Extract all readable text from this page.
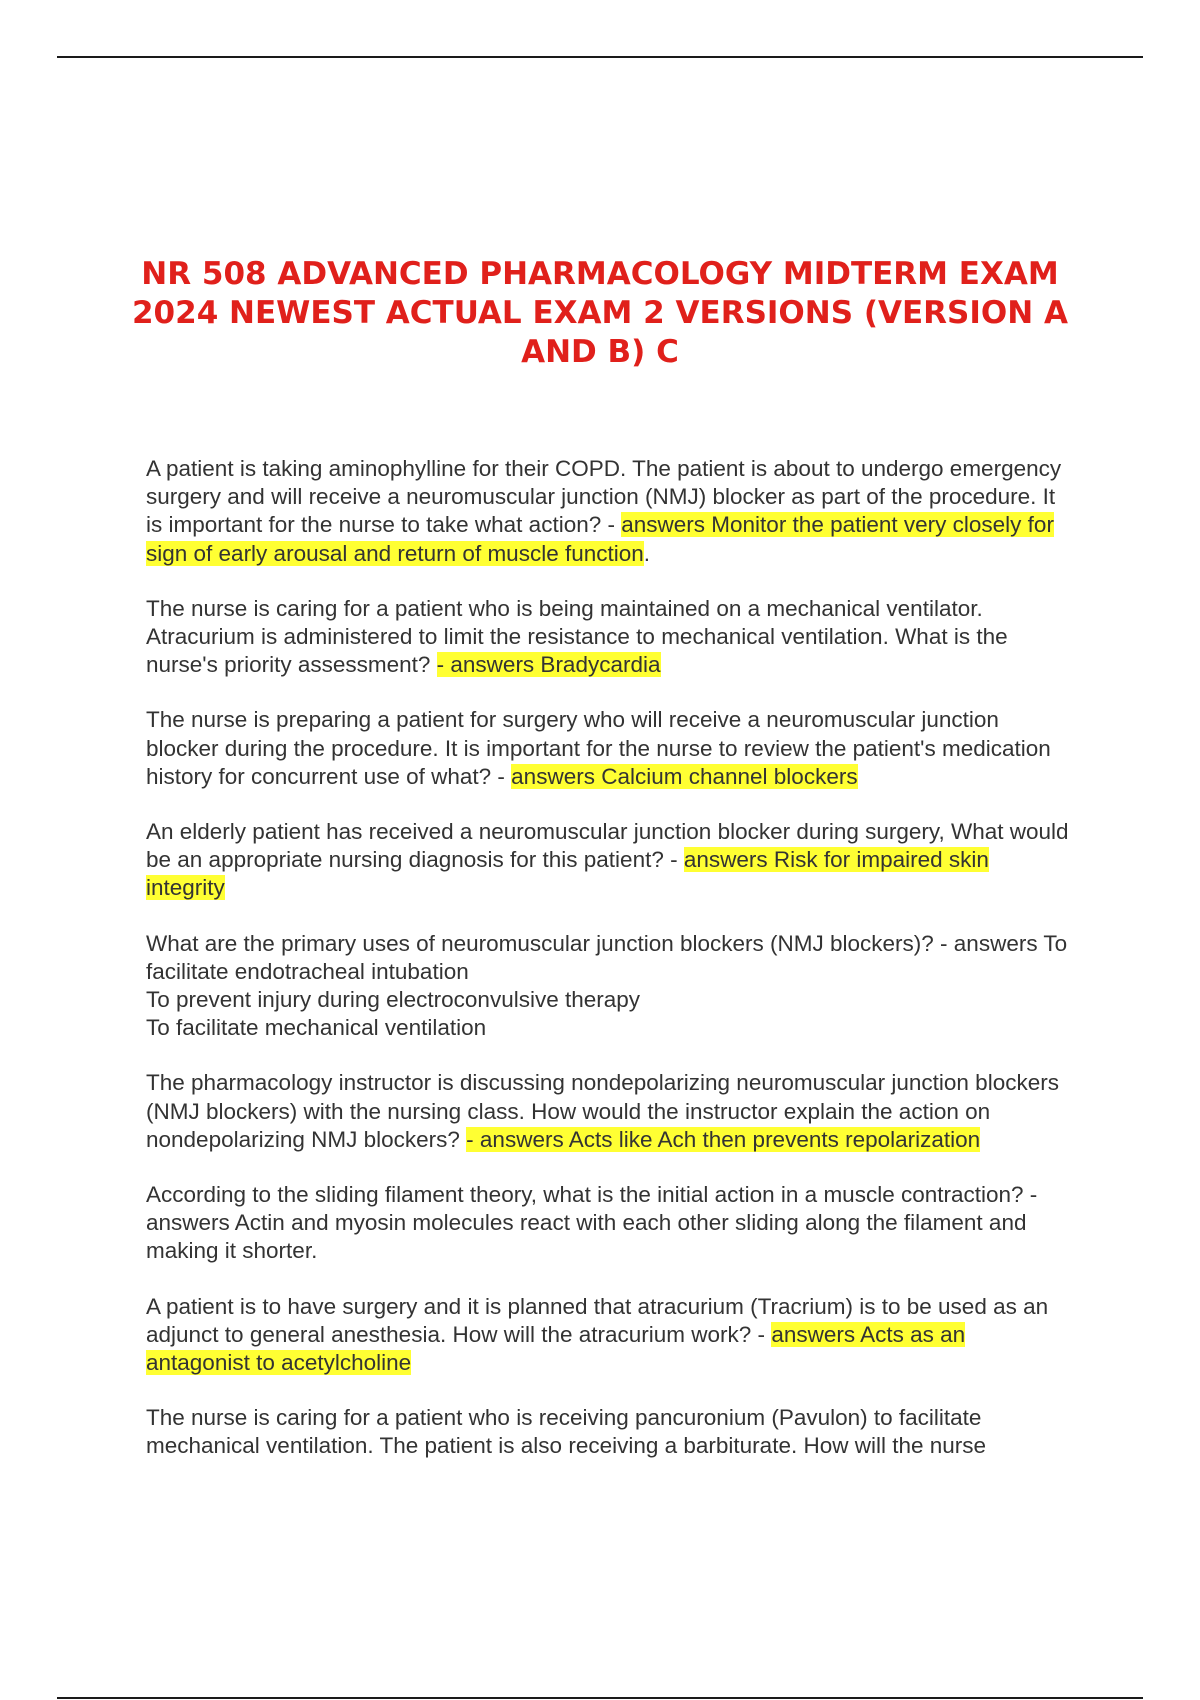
NR 508 ADVANCED PHARMACOLOGY MIDTERM EXAM 2024 NEWEST ACTUAL EXAM 2 VERSIONS (VERSION A AND B) C

A patient is taking aminophylline for their COPD. The patient is about to undergo emergency surgery and will receive a neuromuscular junction (NMJ) blocker as part of the procedure. It is important for the nurse to take what action? - answers Monitor the patient very closely for sign of early arousal and return of muscle function.

The nurse is caring for a patient who is being maintained on a mechanical ventilator. Atracurium is administered to limit the resistance to mechanical ventilation. What is the nurse's priority assessment? - answers Bradycardia

The nurse is preparing a patient for surgery who will receive a neuromuscular junction blocker during the procedure. It is important for the nurse to review the patient's medication history for concurrent use of what? - answers Calcium channel blockers

An elderly patient has received a neuromuscular junction blocker during surgery, What would be an appropriate nursing diagnosis for this patient? - answers Risk for impaired skin integrity

What are the primary uses of neuromuscular junction blockers (NMJ blockers)? - answers To facilitate endotracheal intubation
To prevent injury during electroconvulsive therapy
To facilitate mechanical ventilation

The pharmacology instructor is discussing nondepolarizing neuromuscular junction blockers (NMJ blockers) with the nursing class. How would the instructor explain the action on nondepolarizing NMJ blockers? - answers Acts like Ach then prevents repolarization

According to the sliding filament theory, what is the initial action in a muscle contraction? - answers Actin and myosin molecules react with each other sliding along the filament and making it shorter.

A patient is to have surgery and it is planned that atracurium (Tracrium) is to be used as an adjunct to general anesthesia. How will the atracurium work? - answers Acts as an antagonist to acetylcholine

The nurse is caring for a patient who is receiving pancuronium (Pavulon) to facilitate mechanical ventilation. The patient is also receiving a barbiturate. How will the nurse
